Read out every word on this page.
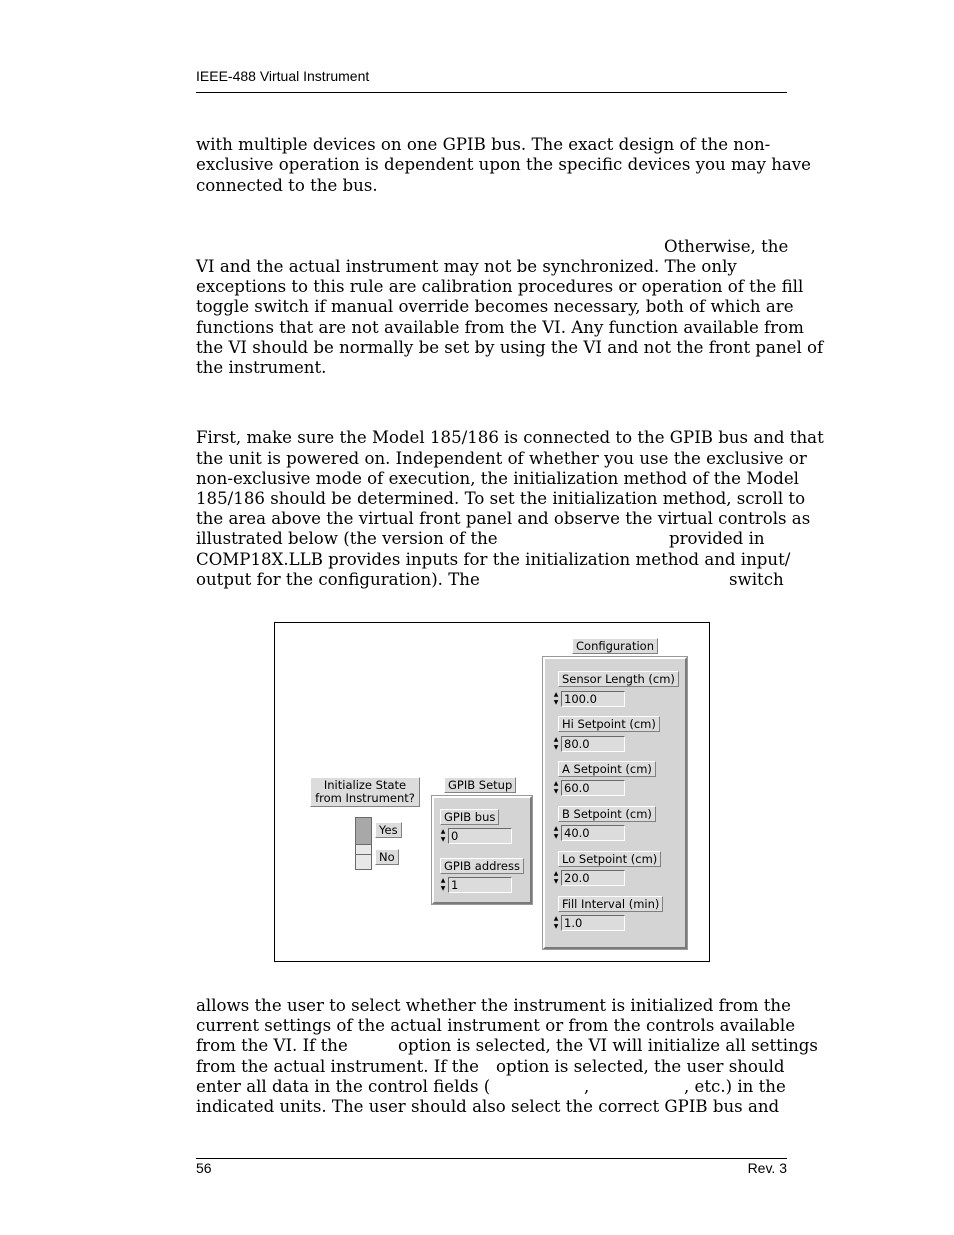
IEEE-488 Virtual Instrument
with multiple devices on one GPIB bus. The exact design of the non-
exclusive operation is dependent upon the specific devices you may have
connected to the bus.
Otherwise, the
VI and the actual instrument may not be synchronized. The only
exceptions to this rule are calibration procedures or operation of the fill
toggle switch if manual override becomes necessary, both of which are
functions that are not available from the VI. Any function available from
the VI should be normally be set by using the VI and not the front panel of
the instrument.
First, make sure the Model 185/186 is connected to the GPIB bus and that
the unit is powered on. Independent of whether you use the exclusive or
non-exclusive mode of execution, the initialization method of the Model
185/186 should be determined. To set the initialization method, scroll to
the area above the virtual front panel and observe the virtual controls as
illustrated below (the version of the	provided in
COMP18X.LLB provides inputs for the initialization method and input/
output for the configuration). The	switch
Initialize State
from Instrument?
Yes
No
GPIB Setup
GPIB bus
▲
▼ 0
GPIB address
▲
▼ 1
Configuration
Sensor Length (cm)
▲
▼ 100.0
Hi Setpoint (cm)
▲
▼ 80.0
A Setpoint (cm)
▲
▼ 60.0
B Setpoint (cm)
▲
▼ 40.0
Lo Setpoint (cm)
▲
▼ 20.0
Fill Interval (min)
▲
▼ 1.0
allows the user to select whether the instrument is initialized from the
current settings of the actual instrument or from the controls available
from the VI. If the	option is selected, the VI will initialize all settings
from the actual instrument. If the option is selected, the user should
enter all data in the control fields (	,	, etc.) in the
indicated units. The user should also select the correct GPIB bus and
56	Rev. 3
